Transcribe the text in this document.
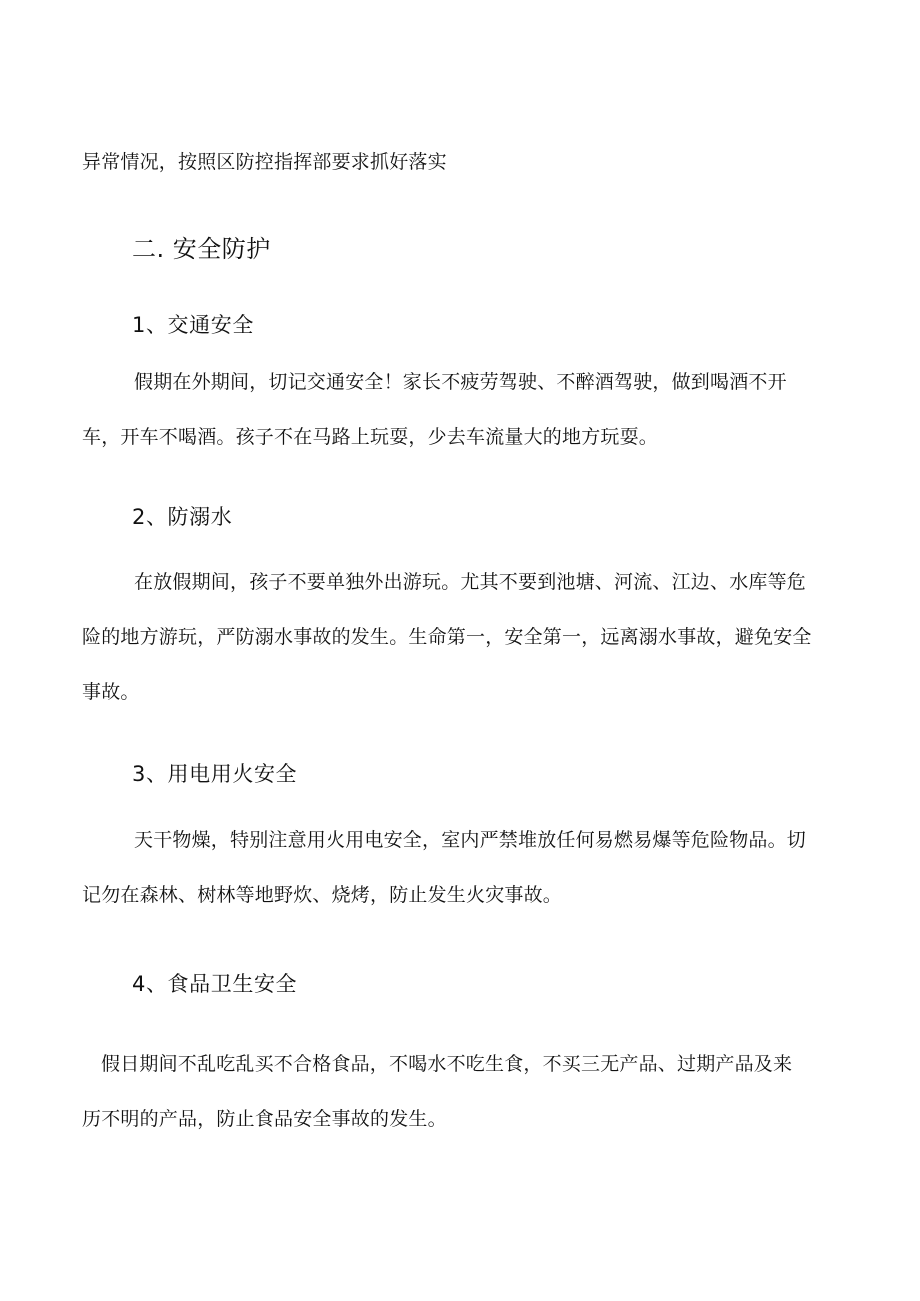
异常情况，按照区防控指挥部要求抓好落实
二. 安全防护
1、交通安全
假期在外期间，切记交通安全！家长不疲劳驾驶、不醉酒驾驶，做到喝酒不开
车，开车不喝酒。孩子不在马路上玩耍，少去车流量大的地方玩耍。
2、防溺水
在放假期间，孩子不要单独外出游玩。尤其不要到池塘、河流、江边、水库等危
险的地方游玩，严防溺水事故的发生。生命第一，安全第一，远离溺水事故，避免安全
事故。
3、用电用火安全
天干物燥，特别注意用火用电安全，室内严禁堆放任何易燃易爆等危险物品。切
记勿在森林、树林等地野炊、烧烤，防止发生火灾事故。
4、食品卫生安全
假日期间不乱吃乱买不合格食品，不喝水不吃生食，不买三无产品、过期产品及来
历不明的产品，防止食品安全事故的发生。
